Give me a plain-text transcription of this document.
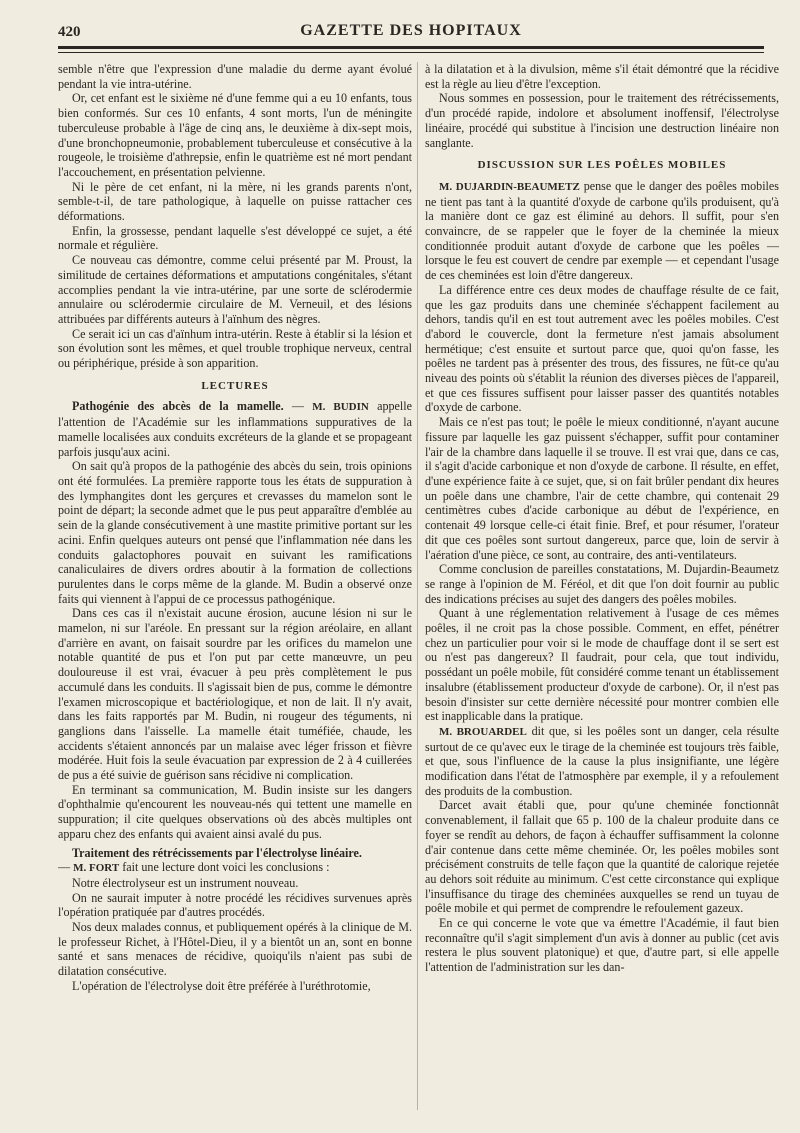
420	GAZETTE DES HOPITAUX

semble n'être que l'expression d'une maladie du derme ayant évolué pendant la vie intra-utérine.

Or, cet enfant est le sixième né d'une femme qui a eu 10 enfants, tous bien conformés. Sur ces 10 enfants, 4 sont morts, l'un de méningite tuberculeuse probable à l'âge de cinq ans, le deuxième à dix-sept mois, d'une bronchopneumonie, probablement tuberculeuse et consécutive à la rougeole, le troisième d'athrepsie, enfin le quatrième est né mort pendant l'accouchement, en présentation pelvienne.

Ni le père de cet enfant, ni la mère, ni les grands parents n'ont, semble-t-il, de tare pathologique, à laquelle on puisse rattacher ces déformations.

Enfin, la grossesse, pendant laquelle s'est développé ce sujet, a été normale et régulière.

Ce nouveau cas démontre, comme celui présenté par M. Proust, la similitude de certaines déformations et amputations congénitales, s'étant accomplies pendant la vie intra-utérine, par une sorte de sclérodermie annulaire ou sclérodermie circulaire de M. Verneuil, et des lésions attribuées par différents auteurs à l'aïnhum des nègres.

Ce serait ici un cas d'aïnhum intra-utérin. Reste à établir si la lésion et son évolution sont les mêmes, et quel trouble trophique nerveux, central ou périphérique, préside à son apparition.

LECTURES

Pathogénie des abcès de la mamelle. — M. BUDIN appelle l'attention de l'Académie sur les inflammations suppuratives de la mamelle localisées aux conduits excréteurs de la glande et se propageant parfois jusqu'aux acini.

On sait qu'à propos de la pathogénie des abcès du sein, trois opinions ont été formulées. La première rapporte tous les états de suppuration à des lymphangites dont les gerçures et crevasses du mamelon sont le point de départ; la seconde admet que le pus peut apparaître d'emblée au sein de la glande consécutivement à une mastite primitive portant sur les acini. Enfin quelques auteurs ont pensé que l'inflammation née dans les conduits galactophores pouvait en suivant les ramifications canaliculaires de divers ordres aboutir à la formation de collections purulentes dans le corps même de la glande. M. Budin a observé onze faits qui viennent à l'appui de ce processus pathogénique.

Dans ces cas il n'existait aucune érosion, aucune lésion ni sur le mamelon, ni sur l'aréole. En pressant sur la région aréolaire, en allant d'arrière en avant, on faisait sourdre par les orifices du mamelon une notable quantité de pus et l'on put par cette manœuvre, un peu douloureuse il est vrai, évacuer à peu près complètement le pus accumulé dans les conduits. Il s'agissait bien de pus, comme le démontre l'examen microscopique et bactériologique, et non de lait. Il n'y avait, dans les faits rapportés par M. Budin, ni rougeur des téguments, ni ganglions dans l'aisselle. La mamelle était tuméfiée, chaude, les accidents s'étaient annoncés par un malaise avec léger frisson et fièvre modérée. Huit fois la seule évacuation par expression de 2 à 4 cuillerées de pus a été suivie de guérison sans récidive ni complication.

En terminant sa communication, M. Budin insiste sur les dangers d'ophthalmie qu'encourent les nouveau-nés qui tettent une mamelle en suppuration; il cite quelques observations où des abcès multiples ont apparu chez des enfants qui avaient ainsi avalé du pus.

Traitement des rétrécissements par l'électrolyse linéaire.

— M. FORT fait une lecture dont voici les conclusions :

Notre électrolyseur est un instrument nouveau.

On ne saurait imputer à notre procédé les récidives survenues après l'opération pratiquée par d'autres procédés.

Nos deux malades connus, et publiquement opérés à la clinique de M. le professeur Richet, à l'Hôtel-Dieu, il y a bientôt un an, sont en bonne santé et sans menaces de récidive, quoiqu'ils n'aient pas subi de dilatation consécutive.

L'opération de l'électrolyse doit être préférée à l'uréthrotomie,

à la dilatation et à la divulsion, même s'il était démontré que la récidive est la règle au lieu d'être l'exception.

Nous sommes en possession, pour le traitement des rétrécissements, d'un procédé rapide, indolore et absolument inoffensif, l'électrolyse linéaire, procédé qui substitue à l'incision une destruction linéaire non sanglante.

DISCUSSION SUR LES POÊLES MOBILES

M. DUJARDIN-BEAUMETZ pense que le danger des poêles mobiles ne tient pas tant à la quantité d'oxyde de carbone qu'ils produisent, qu'à la manière dont ce gaz est éliminé au dehors. Il suffit, pour s'en convaincre, de se rappeler que le foyer de la cheminée la mieux conditionnée produit autant d'oxyde de carbone que les poêles — lorsque le feu est couvert de cendre par exemple — et cependant l'usage de ces cheminées est loin d'être dangereux.

La différence entre ces deux modes de chauffage résulte de ce fait, que les gaz produits dans une cheminée s'échappent facilement au dehors, tandis qu'il en est tout autrement avec les poêles mobiles. C'est d'abord le couvercle, dont la fermeture n'est jamais absolument hermétique; c'est ensuite et surtout parce que, quoi qu'on fasse, les poêles ne tardent pas à présenter des trous, des fissures, ne fût-ce qu'au niveau des points où s'établit la réunion des diverses pièces de l'appareil, et que ces fissures suffisent pour laisser passer des quantités notables d'oxyde de carbone.

Mais ce n'est pas tout; le poêle le mieux conditionné, n'ayant aucune fissure par laquelle les gaz puissent s'échapper, suffit pour contaminer l'air de la chambre dans laquelle il se trouve. Il est vrai que, dans ce cas, il s'agit d'acide carbonique et non d'oxyde de carbone. Il résulte, en effet, d'une expérience faite à ce sujet, que, si on fait brûler pendant dix heures un poêle dans une chambre, l'air de cette chambre, qui contenait 29 centimètres cubes d'acide carbonique au début de l'expérience, en contenait 49 lorsque celle-ci était finie. Bref, et pour résumer, l'orateur dit que ces poêles sont surtout dangereux, parce que, loin de servir à l'aération d'une pièce, ce sont, au contraire, des anti-ventilateurs.

Comme conclusion de pareilles constatations, M. Dujardin-Beaumetz se range à l'opinion de M. Féréol, et dit que l'on doit fournir au public des indications précises au sujet des dangers des poêles mobiles.

Quant à une réglementation relativement à l'usage de ces mêmes poêles, il ne croit pas la chose possible. Comment, en effet, pénétrer chez un particulier pour voir si le mode de chauffage dont il se sert est ou n'est pas dangereux? Il faudrait, pour cela, que tout individu, possédant un poêle mobile, fût considéré comme tenant un établissement insalubre (établissement producteur d'oxyde de carbone). Or, il n'est pas besoin d'insister sur cette dernière nécessité pour montrer combien elle est inapplicable dans la pratique.

M. BROUARDEL dit que, si les poêles sont un danger, cela résulte surtout de ce qu'avec eux le tirage de la cheminée est toujours très faible, et que, sous l'influence de la cause la plus insignifiante, une légère modification dans l'état de l'atmosphère par exemple, il y a refoulement des produits de la combustion.

Darcet avait établi que, pour qu'une cheminée fonctionnât convenablement, il fallait que 65 p. 100 de la chaleur produite dans ce foyer se rendît au dehors, de façon à échauffer suffisamment la colonne d'air contenue dans cette même cheminée. Or, les poêles mobiles sont précisément construits de telle façon que la quantité de calorique rejetée au dehors soit réduite au minimum. C'est cette circonstance qui explique l'insuffisance du tirage des cheminées auxquelles se rend un tuyau de poêle mobile et qui permet de comprendre le refoulement gazeux.

En ce qui concerne le vote que va émettre l'Académie, il faut bien reconnaître qu'il s'agit simplement d'un avis à donner au public (cet avis restera le plus souvent platonique) et que, d'autre part, si elle appelle l'attention de l'administration sur les dan-
